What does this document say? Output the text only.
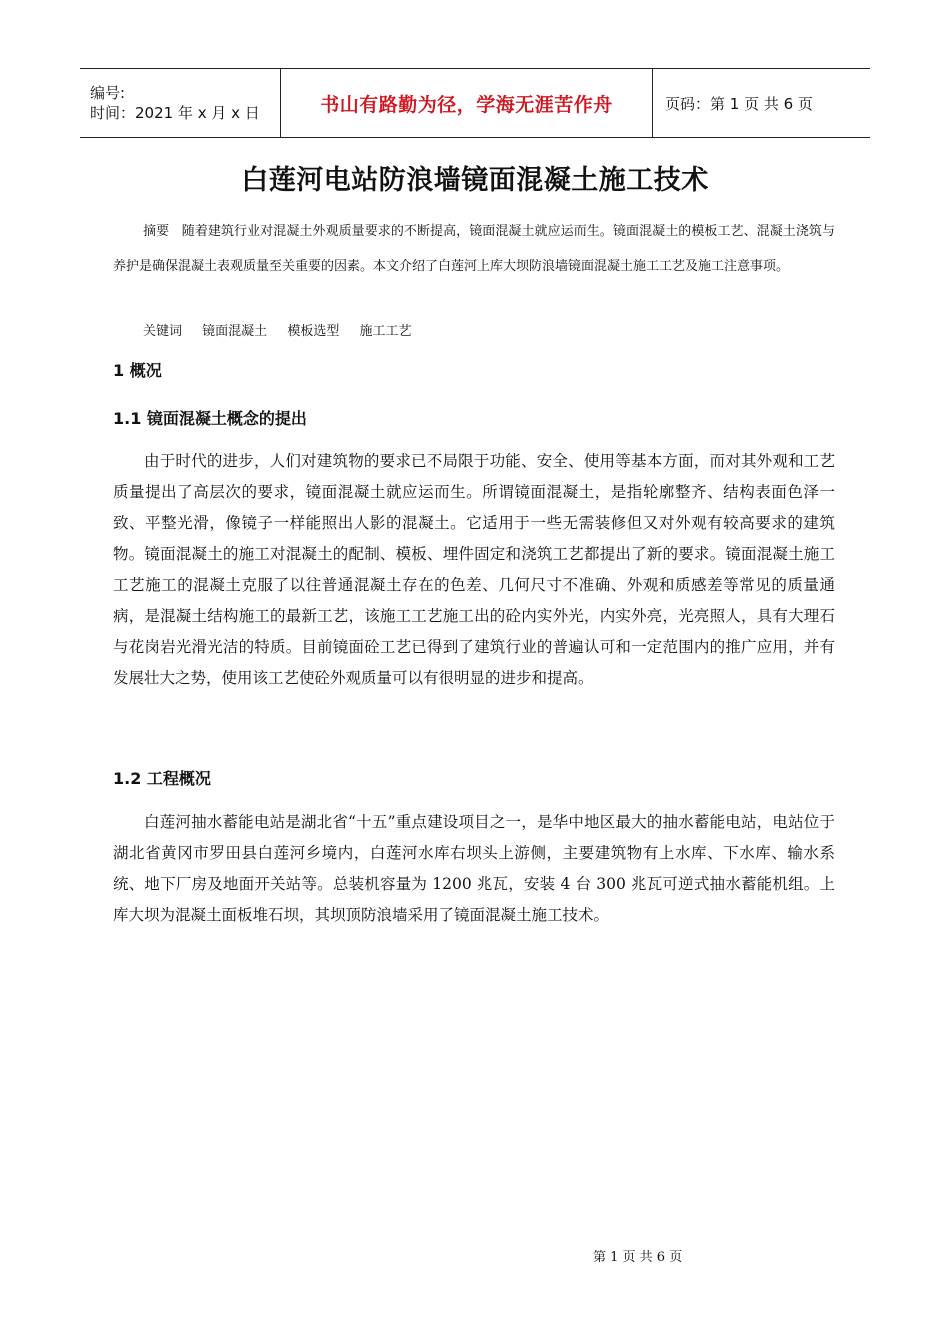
编号:
时间：2021 年 x 月 x 日	书山有路勤为径，学海无涯苦作舟	页码：第 1 页 共 6 页
白莲河电站防浪墙镜面混凝土施工技术
摘要 随着建筑行业对混凝土外观质量要求的不断提高，镜面混凝土就应运而生。镜面混凝土的模板工艺、混凝土浇筑与养护是确保混凝土表观质量至关重要的因素。本文介绍了白莲河上库大坝防浪墙镜面混凝土施工工艺及施工注意事项。
关键词 镜面混凝土 模板选型 施工工艺
1 概况
1.1 镜面混凝土概念的提出
由于时代的进步，人们对建筑物的要求已不局限于功能、安全、使用等基本方面，而对其外观和工艺质量提出了高层次的要求，镜面混凝土就应运而生。所谓镜面混凝土，是指轮廓整齐、结构表面色泽一致、平整光滑，像镜子一样能照出人影的混凝土。它适用于一些无需装修但又对外观有较高要求的建筑物。镜面混凝土的施工对混凝土的配制、模板、埋件固定和浇筑工艺都提出了新的要求。镜面混凝土施工工艺施工的混凝土克服了以往普通混凝土存在的色差、几何尺寸不准确、外观和质感差等常见的质量通病，是混凝土结构施工的最新工艺，该施工工艺施工出的砼内实外光，内实外亮，光亮照人，具有大理石与花岗岩光滑光洁的特质。目前镜面砼工艺已得到了建筑行业的普遍认可和一定范围内的推广应用，并有发展壮大之势，使用该工艺使砼外观质量可以有很明显的进步和提高。
1.2 工程概况
白莲河抽水蓄能电站是湖北省“十五”重点建设项目之一，是华中地区最大的抽水蓄能电站，电站位于湖北省黄冈市罗田县白莲河乡境内，白莲河水库右坝头上游侧，主要建筑物有上水库、下水库、输水系统、地下厂房及地面开关站等。总装机容量为 1200 兆瓦，安装 4 台 300 兆瓦可逆式抽水蓄能机组。上库大坝为混凝土面板堆石坝，其坝顶防浪墙采用了镜面混凝土施工技术。
第 1 页 共 6 页
